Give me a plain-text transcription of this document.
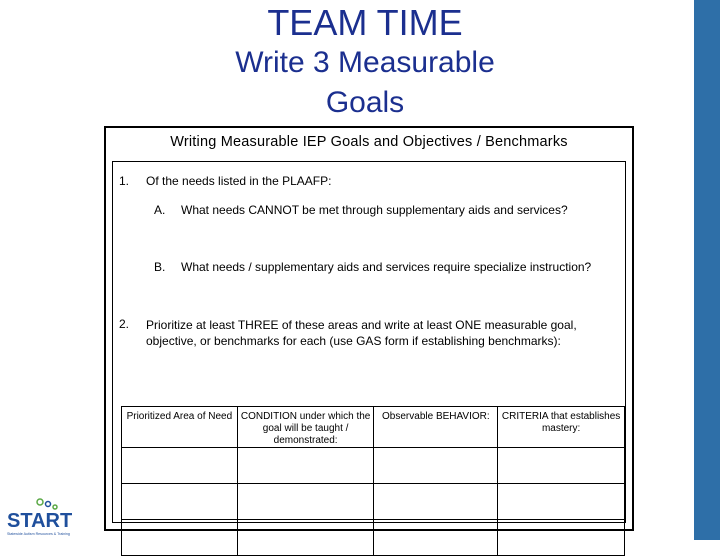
TEAM TIME
Write 3 Measurable
Goals
Writing Measurable IEP Goals and Objectives / Benchmarks
1. Of the needs listed in the PLAAFP:
A. What needs CANNOT be met through supplementary aids and services?
B. What needs / supplementary aids and services require specialize instruction?
2. Prioritize at least THREE of these areas and write at least ONE measurable goal, objective, or benchmarks for each (use GAS form if establishing benchmarks):
Prioritized Area of Need	CONDITION under which the goal will be taught / demonstrated:	Observable BEHAVIOR:	CRITERIA that establishes mastery:

START
Statewide Autism Resources & Training
